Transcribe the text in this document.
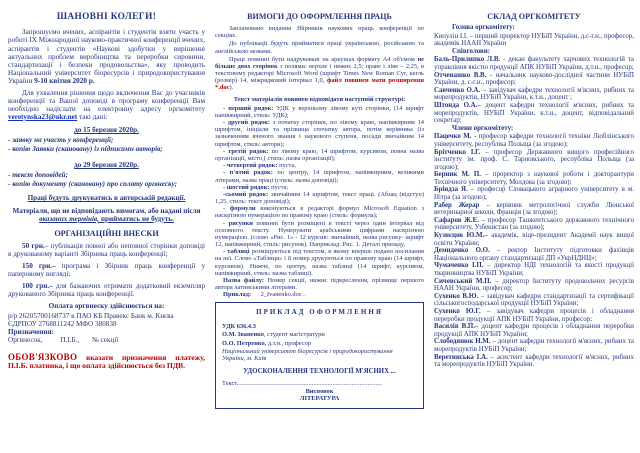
ШАНОВНІ КОЛЕГИ!

Запрошуємо вчених, аспірантів і студентів взяти участь у роботі ІХ Міжнародної науково-практичної конференції вчених, аспірантів і студентів «Наукові здобутки у вирішенні актуальних проблем виробництва та переробки сировини, стандартизації і безпеки продовольства», яку проводить Національний університет біоресурсів і природокористування України 9-10 квітня 2020 р.

Для ухвалення рішення щодо включення Вас до учасників конференції та Вашої доповіді в програму конференції Вам необхідно надіслати на електронну адресу оргкомітету veretynska23@ukr.net такі дані:

до 15 березня 2020р.

- заявку на участь у конференції;

- копію Заявки (скановану) із підписами авторів;

до 29 березня 2020р.

- текст доповідей;

- копію документу (скановану) про сплату оргвнеску;

Праці будуть друкуватись в авторській редакції.
Матеріали, що не відповідають вимогам, або надані після вказаних термінів, прийматись не будуть.
ОРГАНІЗАЦІЙНІ ВНЕСКИ

50 грн.– публікація повної або неповної сторінки доповіді в друкованому варіанті Збірника праць конференції;

150 грн.– програма і Збірник праць конференції у паперовому вигляді;

100 грн.– для бажаючих отримати додатковий екземпляр друкованого Збірника праць конференції.

Оплата оргвнеску здійснюється на:

р/р 26205700168737 в ПАО КБ Правекс Банк м. Києва

ЄДРПОУ 2768811242 МФО 380838

Призначення:

Оргвнесок,          П.І.Б.,       № секції

ОБОВ'ЯЗКОВО вказати призначення платежу, П.І.Б. платника, і що оплата здійснюється без ПДВ.
ВИМОГИ ДО ОФОРМЛЕННЯ ПРАЦЬ

Заплановано видання Збірників наукових праць конференції по секціях.

До публікації будуть прийматися праці українською, російською та англійською мовами.

Праці повинні бути надруковані на аркушах формату А4 об'ємом не більше двох сторінок з полями: верхнє і нижнє 2,5; праве і ліве – 2,25, в текстовому редакторі Microsoft Word (шрифт Times New Roman Cyr, кегль (розмір) 14, міжрядковий інтервал 1,0, файл повинен мати розширення *.doc).

Текст матеріалів повинен відповідати наступній структурі:

- перший рядок: УДК у верхньому лівому куті сторінки, (14 шрифт напівжирний, стиль: УДК);

- другий рядок: з початку сторінки, по лівому краю, напівжирним 14 шрифтом, ініціали та прізвища спочатку автора, потім керівника (із зазначенням вченого звання і наукового ступеня, посади звичайним 14 шрифтом, стиль: автори);

- третій рядок: по лівому краю, 14 шрифтом, курсивом, повна назва організації, місто,( стиль: назва організації);

- четвертий рядок: пуста,

- п'ятий рядок: по центру, 14 шрифтом, напівжирним, великими літерами, назва праці (стиль: назва доповіді);

- шостий рядок: пуста;

-сьомий рядок: звичайним 14 шрифтом, текст праці. (Абзац (відступ) 1,25, стиль: текст доповіді);

- формули виконуються в редакторі формул Microsoft Equation з наскрізною нумерацією по правому краю (стиль: формула);

- рисунки повинні бути розміщені в тексті через один інтервал від основного тексту. Нумерувати арабськими цифрами наскрізною нумерацією. (слово «Рис. 1» - 12 курсив: звичайний, назва рисунку- шрифт 12, напівжирний, стиль: рисунок). Наприклад: Рис. 1. Деталі приладу,

- таблиці розміщуються під текстом, в якому вперше подано посилання на неї. Слово «Таблиця» і її номер друкуються по правому краю (14 шрифт, курсивом). Нижче, по центру, назва таблиці (14 шрифт, курсивом, напівжирний, стиль: назва таблиці).

Назва файлу: Номер секції, нижнє підкреслення, прізвище першого автора латинськими літерами.

Приклад:      2_Ivanenko.doc .

ПРИКЛАД ОФОРМЛЕННЯ

УДК 636.4.3

О.М. Іваненко, студент магістратури

О.О. Петренко, д.т.н., професор

Національний університет біоресурсів і природокористування України, м. Київ

УДОСКОНАЛЕННЯ ТЕХНОЛОГІЇ М'ЯСНИХ ...

Текст...........................................................................................

Висновок
ЛІТЕРАТУРА
СКЛАД ОРГКОМІТЕТУ

Голова оргкомітету:

Кипулін І.І. – перший проректор НУБіП України, д.с-г.н., професор, академік НААН України

Співголови:

Баль-Прилипко Л.В. - декан факультету харчових технологій та управління якістю продукції АПК НУБіП України, д.т.н., професор;

Отченашко В.В. - начальник науково-дослідної частини НУБіП України, д. с-г.н., професор;

Савченко О.А. – завідувач кафедри технології м'ясних, рибних та морепродуктів, НУБіП України, к.т.н., доцент ;

Штонда О.А.– доцент кафедри технології м'ясних, рибних та морепродуктів, НУБіП України, к.т.н., доцент, відповідальний секретар;

Члени оргкомітету:

Пацечко М. - професор кафедри технології техніки Люблінського університету, республіка Польща (за згодою);

Брітченко І.Г. – професор Державного вищого професійного інституту ім. проф. С. Тарновського, республіка Польща (за згодою);

Берник М. П. – проректор з наукової роботи і докторантури Технічного університету, Молдова (за згодою);

Бріндза Я. – професор Словацького аграрного університету в м. Нітра (за згодою);

Рабер Жерар – керівник метрологічної служби Ліонської ветеринарної школи, Франція (за згодою);

Сафаров Ж.Е. – професор Ташкентського державного технічного університету, Узбекистан (за згодою);

Кузнєцов Ю.М.– академік, віце-президент Академії наук вищої освіти України;

Демиденко О.О. – ректор Інституту підготовки фахівців Національного органу стандартизації ДП «УкрНДНЦ»;

Чумаченко І.П. – директор НДІ технологій та якості продукції тваринництва НУБіП України;

Сичевський М.П. – директор Інституту продовольчих ресурсів НААН України, професор;

Сухенко В.Ю. – завідувач кафедри стандартизації та сертифікації сільськогосподарської продукції НУБіП України;

Сухенко Ю.Г. – завідувач кафедри процесів і обладнання переробки продукції АПК НУБіП України, професор;

Василів В.П.– доцент кафедри процесів і обладнання переробки продукції АПК НУБіП України;

Слободянюк Н.М. – доцент кафедри технології м'ясних, рибних та морепродуктів НУБіП України;

Веретинська І.А. – асистент кафедри технології м'ясних, рибних та морепродуктів НУБіП України.
